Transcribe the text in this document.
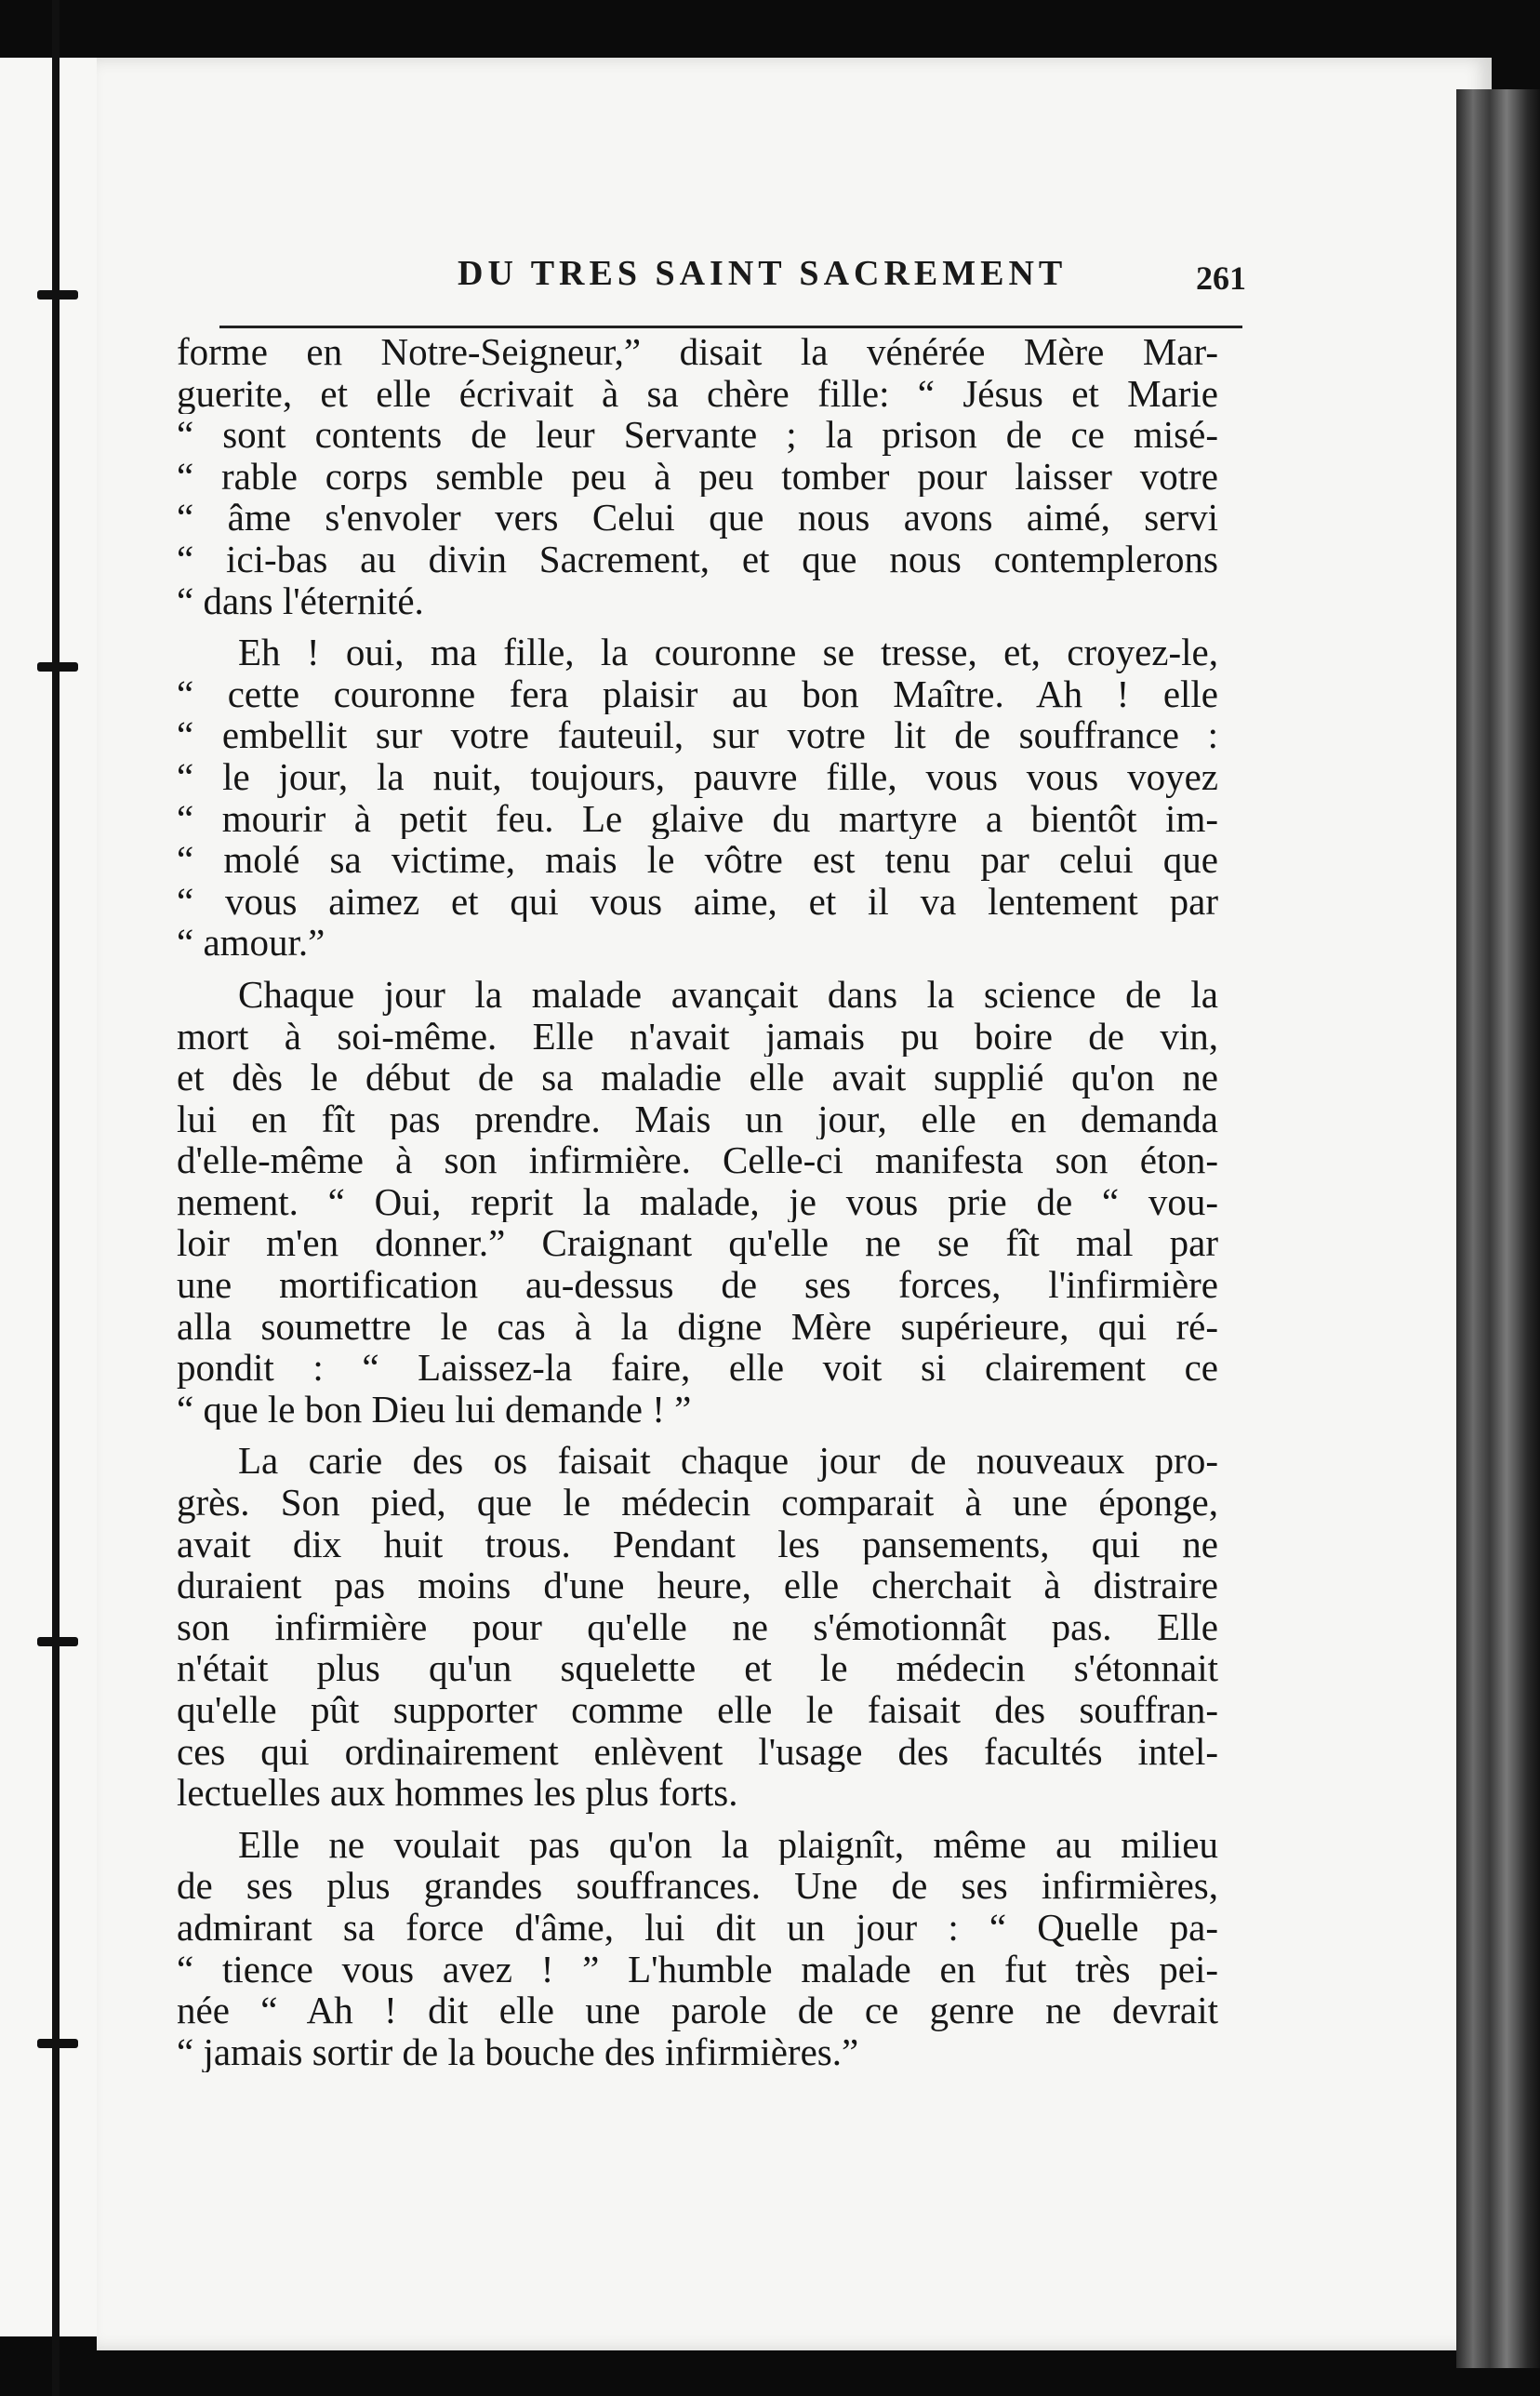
DU TRES SAINT SACREMENT	261
forme en Notre-Seigneur,” disait la vénérée Mère Mar-
guerite, et elle écrivait à sa chère fille: “ Jésus et Marie
“ sont contents de leur Servante ; la prison de ce misé-
“ rable corps semble peu à peu tomber pour laisser votre
“ âme s'envoler vers Celui que nous avons aimé, servi
“ ici-bas au divin Sacrement, et que nous contemplerons
“ dans l'éternité.
Eh ! oui, ma fille, la couronne se tresse, et, croyez-le,
“ cette couronne fera plaisir au bon Maître. Ah ! elle
“ embellit sur votre fauteuil, sur votre lit de souffrance :
“ le jour, la nuit, toujours, pauvre fille, vous vous voyez
“ mourir à petit feu. Le glaive du martyre a bientôt im-
“ molé sa victime, mais le vôtre est tenu par celui que
“ vous aimez et qui vous aime, et il va lentement par
“ amour.”
Chaque jour la malade avançait dans la science de la
mort à soi-même. Elle n'avait jamais pu boire de vin,
et dès le début de sa maladie elle avait supplié qu'on ne
lui en fît pas prendre. Mais un jour, elle en demanda
d'elle-même à son infirmière. Celle-ci manifesta son éton-
nement. “ Oui, reprit la malade, je vous prie de “ vou-
loir m'en donner.” Craignant qu'elle ne se fît mal par
une mortification au-dessus de ses forces, l'infirmière
alla soumettre le cas à la digne Mère supérieure, qui ré-
pondit : “ Laissez-la faire, elle voit si clairement ce
“ que le bon Dieu lui demande ! ”
La carie des os faisait chaque jour de nouveaux pro-
grès. Son pied, que le médecin comparait à une éponge,
avait dix huit trous. Pendant les pansements, qui ne
duraient pas moins d'une heure, elle cherchait à distraire
son infirmière pour qu'elle ne s'émotionnât pas. Elle
n'était plus qu'un squelette et le médecin s'étonnait
qu'elle pût supporter comme elle le faisait des souffran-
ces qui ordinairement enlèvent l'usage des facultés intel-
lectuelles aux hommes les plus forts.
Elle ne voulait pas qu'on la plaignît, même au milieu
de ses plus grandes souffrances. Une de ses infirmières,
admirant sa force d'âme, lui dit un jour : “ Quelle pa-
“ tience vous avez ! ” L'humble malade en fut très pei-
née “ Ah ! dit elle une parole de ce genre ne devrait
“ jamais sortir de la bouche des infirmières.”
